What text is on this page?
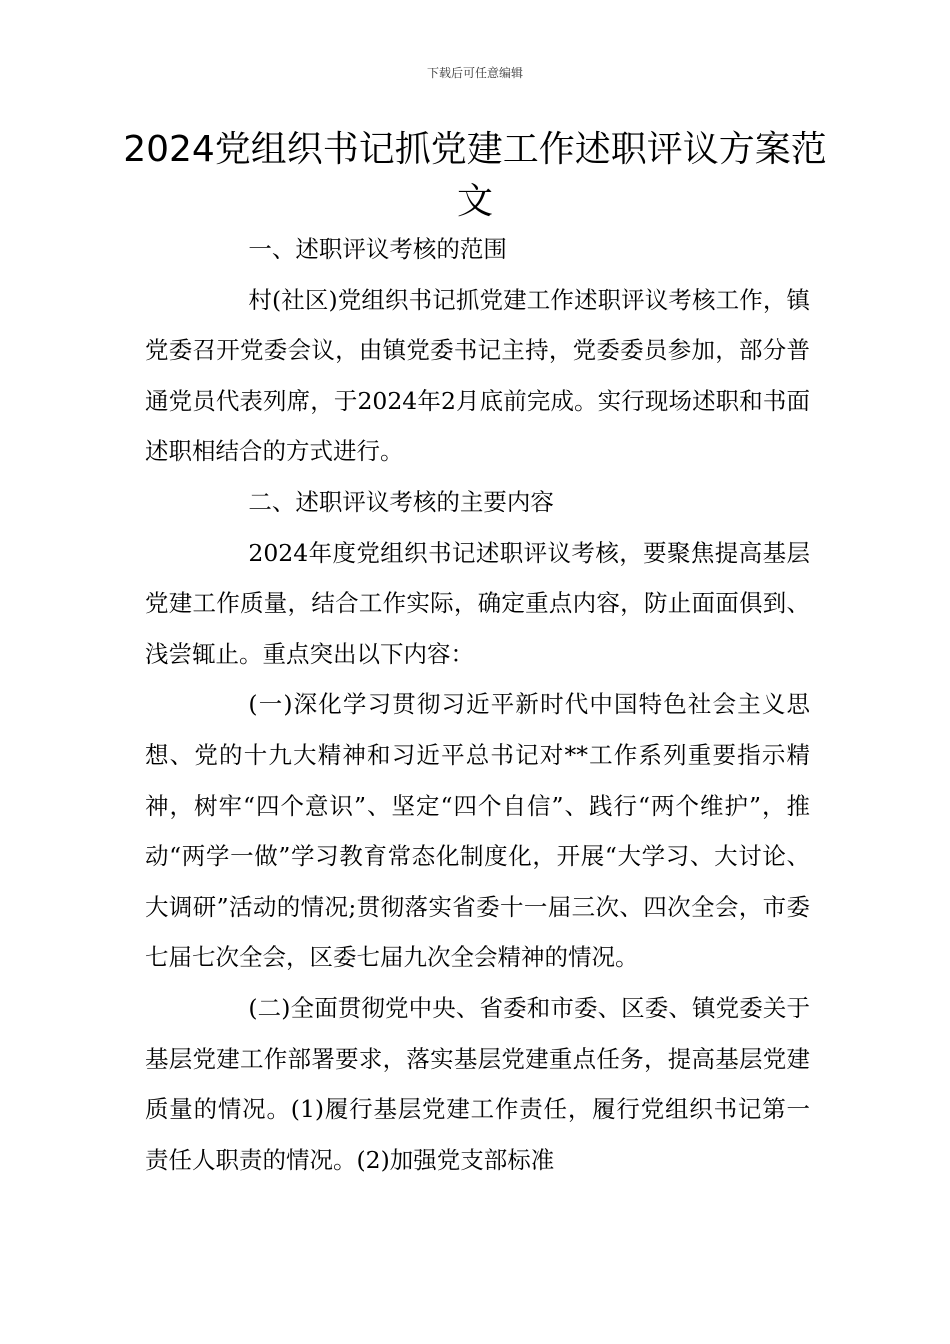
下载后可任意编辑
2024党组织书记抓党建工作述职评议方案范文

一、述职评议考核的范围

村(社区)党组织书记抓党建工作述职评议考核工作，镇党委召开党委会议，由镇党委书记主持，党委委员参加，部分普通党员代表列席，于2024年2月底前完成。实行现场述职和书面述职相结合的方式进行。

二、述职评议考核的主要内容

2024年度党组织书记述职评议考核，要聚焦提高基层党建工作质量，结合工作实际，确定重点内容，防止面面俱到、浅尝辄止。重点突出以下内容：

(一)深化学习贯彻习近平新时代中国特色社会主义思想、党的十九大精神和习近平总书记对**工作系列重要指示精神，树牢“四个意识”、坚定“四个自信”、践行“两个维护”，推动“两学一做”学习教育常态化制度化，开展“大学习、大讨论、大调研”活动的情况;贯彻落实省委十一届三次、四次全会，市委七届七次全会，区委七届九次全会精神的情况。

(二)全面贯彻党中央、省委和市委、区委、镇党委关于基层党建工作部署要求，落实基层党建重点任务，提高基层党建质量的情况。(1)履行基层党建工作责任，履行党组织书记第一责任人职责的情况。(2)加强党支部标准
